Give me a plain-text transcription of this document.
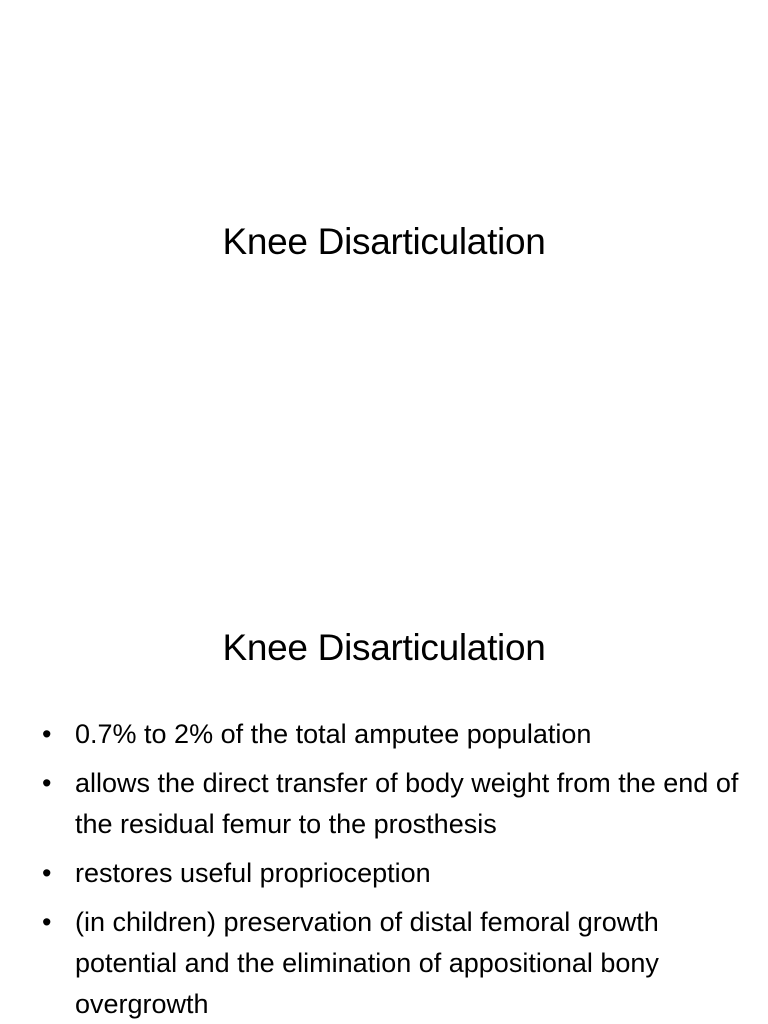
Knee Disarticulation
Knee Disarticulation
• 0.7% to 2% of the total amputee population
• allows the direct transfer of body weight from the end of the residual femur to the prosthesis
• restores useful proprioception
• (in children) preservation of distal femoral growth potential and the elimination of appositional bony overgrowth
